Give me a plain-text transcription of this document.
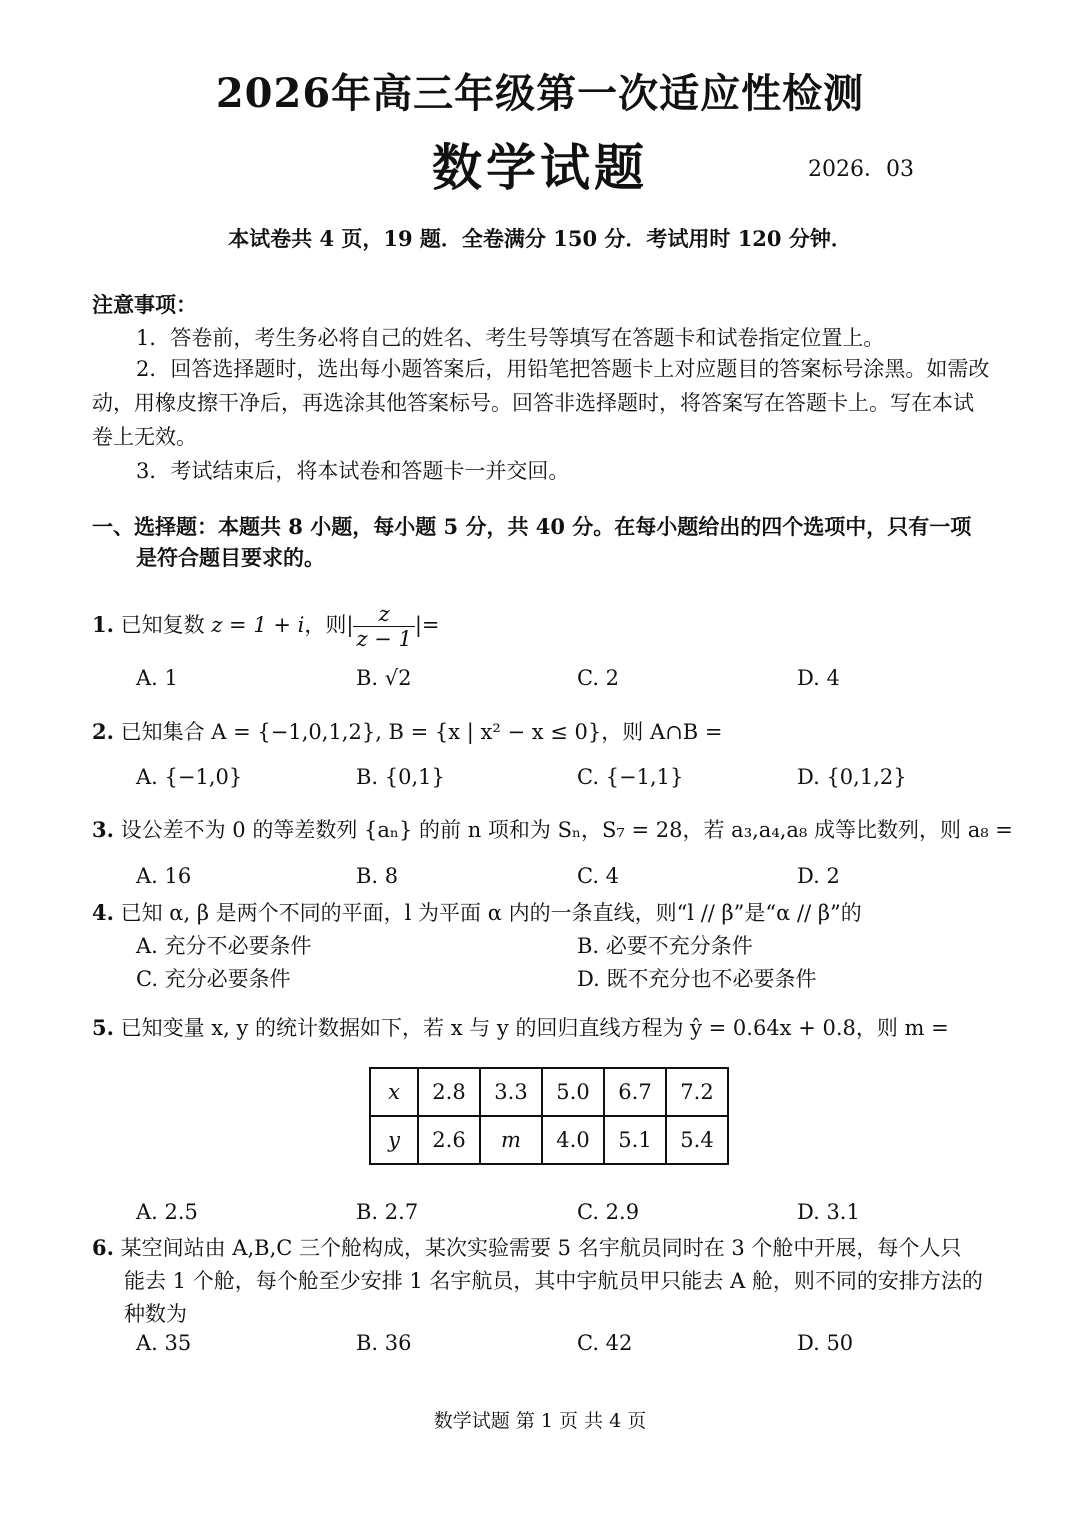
2026年高三年级第一次适应性检测
数学试题	2026．03
本试卷共 4 页，19 题．全卷满分 150 分．考试用时 120 分钟．
注意事项：
1．答卷前，考生务必将自己的姓名、考生号等填写在答题卡和试卷指定位置上。
2．回答选择题时，选出每小题答案后，用铅笔把答题卡上对应题目的答案标号涂黑。如需改动，用橡皮擦干净后，再选涂其他答案标号。回答非选择题时，将答案写在答题卡上。写在本试卷上无效。
3．考试结束后，将本试卷和答题卡一并交回。
一、选择题：本题共 8 小题，每小题 5 分，共 40 分。在每小题给出的四个选项中，只有一项
是符合题目要求的。
1. 已知复数 z = 1 + i，则| $\frac{z}{z - 1}$ |=
A. 1	B. √2	C. 2	D. 4
2. 已知集合 A = {−1,0,1,2}, B = {x | x² − x ≤ 0}，则 A∩B =
A. {−1,0}	B. {0,1}	C. {−1,1}	D. {0,1,2}
3. 设公差不为 0 的等差数列 {aₙ} 的前 n 项和为 Sₙ，S₇ = 28，若 a₃,a₄,a₈ 成等比数列，则 a₈ =
A. 16	B. 8	C. 4	D. 2
4. 已知 α, β 是两个不同的平面，l 为平面 α 内的一条直线，则“l // β”是“α // β”的
A. 充分不必要条件	B. 必要不充分条件
C. 充分必要条件	D. 既不充分也不必要条件
5. 已知变量 x, y 的统计数据如下，若 x 与 y 的回归直线方程为 ŷ = 0.64x + 0.8，则 m =
x	2.8	3.3	5.0	6.7	7.2
y	2.6	m	4.0	5.1	5.4
A. 2.5	B. 2.7	C. 2.9	D. 3.1
6. 某空间站由 A,B,C 三个舱构成，某次实验需要 5 名宇航员同时在 3 个舱中开展，每个人只
能去 1 个舱，每个舱至少安排 1 名宇航员，其中宇航员甲只能去 A 舱，则不同的安排方法的
种数为
A. 35	B. 36	C. 42	D. 50
数学试题 第 1 页 共 4 页
